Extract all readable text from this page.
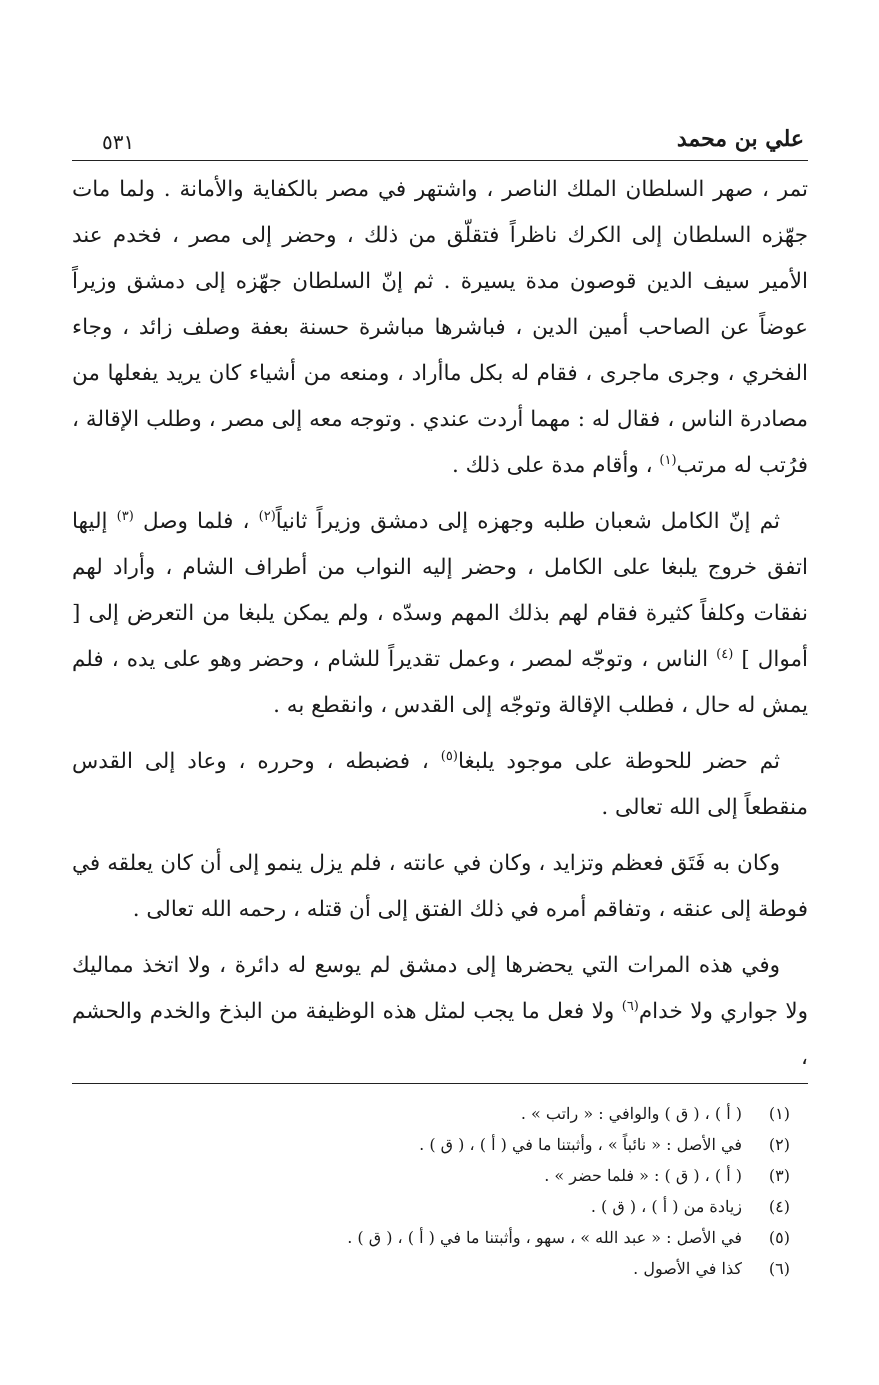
علي بن محمد
٥٣١

تمر ، صهر السلطان الملك الناصر ، واشتهر في مصر بالكفاية والأمانة . ولما مات جهّزه السلطان إلى الكرك ناظراً فتقلّق من ذلك ، وحضر إلى مصر ، فخدم عند الأمير سيف الدين قوصون مدة يسيرة . ثم إنّ السلطان جهّزه إلى دمشق وزيراً عوضاً عن الصاحب أمين الدين ، فباشرها مباشرة حسنة بعفة وصلف زائد ، وجاء الفخري ، وجرى ماجرى ، فقام له بكل ماأراد ، ومنعه من أشياء كان يريد يفعلها من مصادرة الناس ، فقال له : مهما أردت عندي . وتوجه معه إلى مصر ، وطلب الإقالة ، فرُتب له مرتب$^{(١)}$ ، وأقام مدة على ذلك .

ثم إنّ الكامل شعبان طلبه وجهزه إلى دمشق وزيراً ثانياً$^{(٢)}$ ، فلما وصل $^{(٣)}$ إليها اتفق خروج يلبغا على الكامل ، وحضر إليه النواب من أطراف الشام ، وأراد لهم نفقات وكلفاً كثيرة فقام لهم بذلك المهم وسدّه ، ولم يمكن يلبغا من التعرض إلى [ أموال ] $^{(٤)}$ الناس ، وتوجّه لمصر ، وعمل تقديراً للشام ، وحضر وهو على يده ، فلم يمش له حال ، فطلب الإقالة وتوجّه إلى القدس ، وانقطع به .

ثم حضر للحوطة على موجود يلبغا$^{(٥)}$ ، فضبطه ، وحرره ، وعاد إلى القدس منقطعاً إلى الله تعالى .

وكان به فَتَق فعظم وتزايد ، وكان في عانته ، فلم يزل ينمو إلى أن كان يعلقه في فوطة إلى عنقه ، وتفاقم أمره في ذلك الفتق إلى أن قتله ، رحمه الله تعالى .

وفي هذه المرات التي يحضرها إلى دمشق لم يوسع له دائرة ، ولا اتخذ مماليك ولا جواري ولا خدام$^{(٦)}$ ولا فعل ما يجب لمثل هذه الوظيفة من البذخ والخدم والحشم ،

(١)
( أ ) ، ( ق ) والوافي : « راتب » .
(٢)
في الأصل : « نائباً » ، وأثبتنا ما في ( أ ) ، ( ق ) .
(٣)
( أ ) ، ( ق ) : « فلما حضر » .
(٤)
زيادة من ( أ ) ، ( ق ) .
(٥)
في الأصل : « عبد الله » ، سهو ، وأثبتنا ما في ( أ ) ، ( ق ) .
(٦)
كذا في الأصول .
